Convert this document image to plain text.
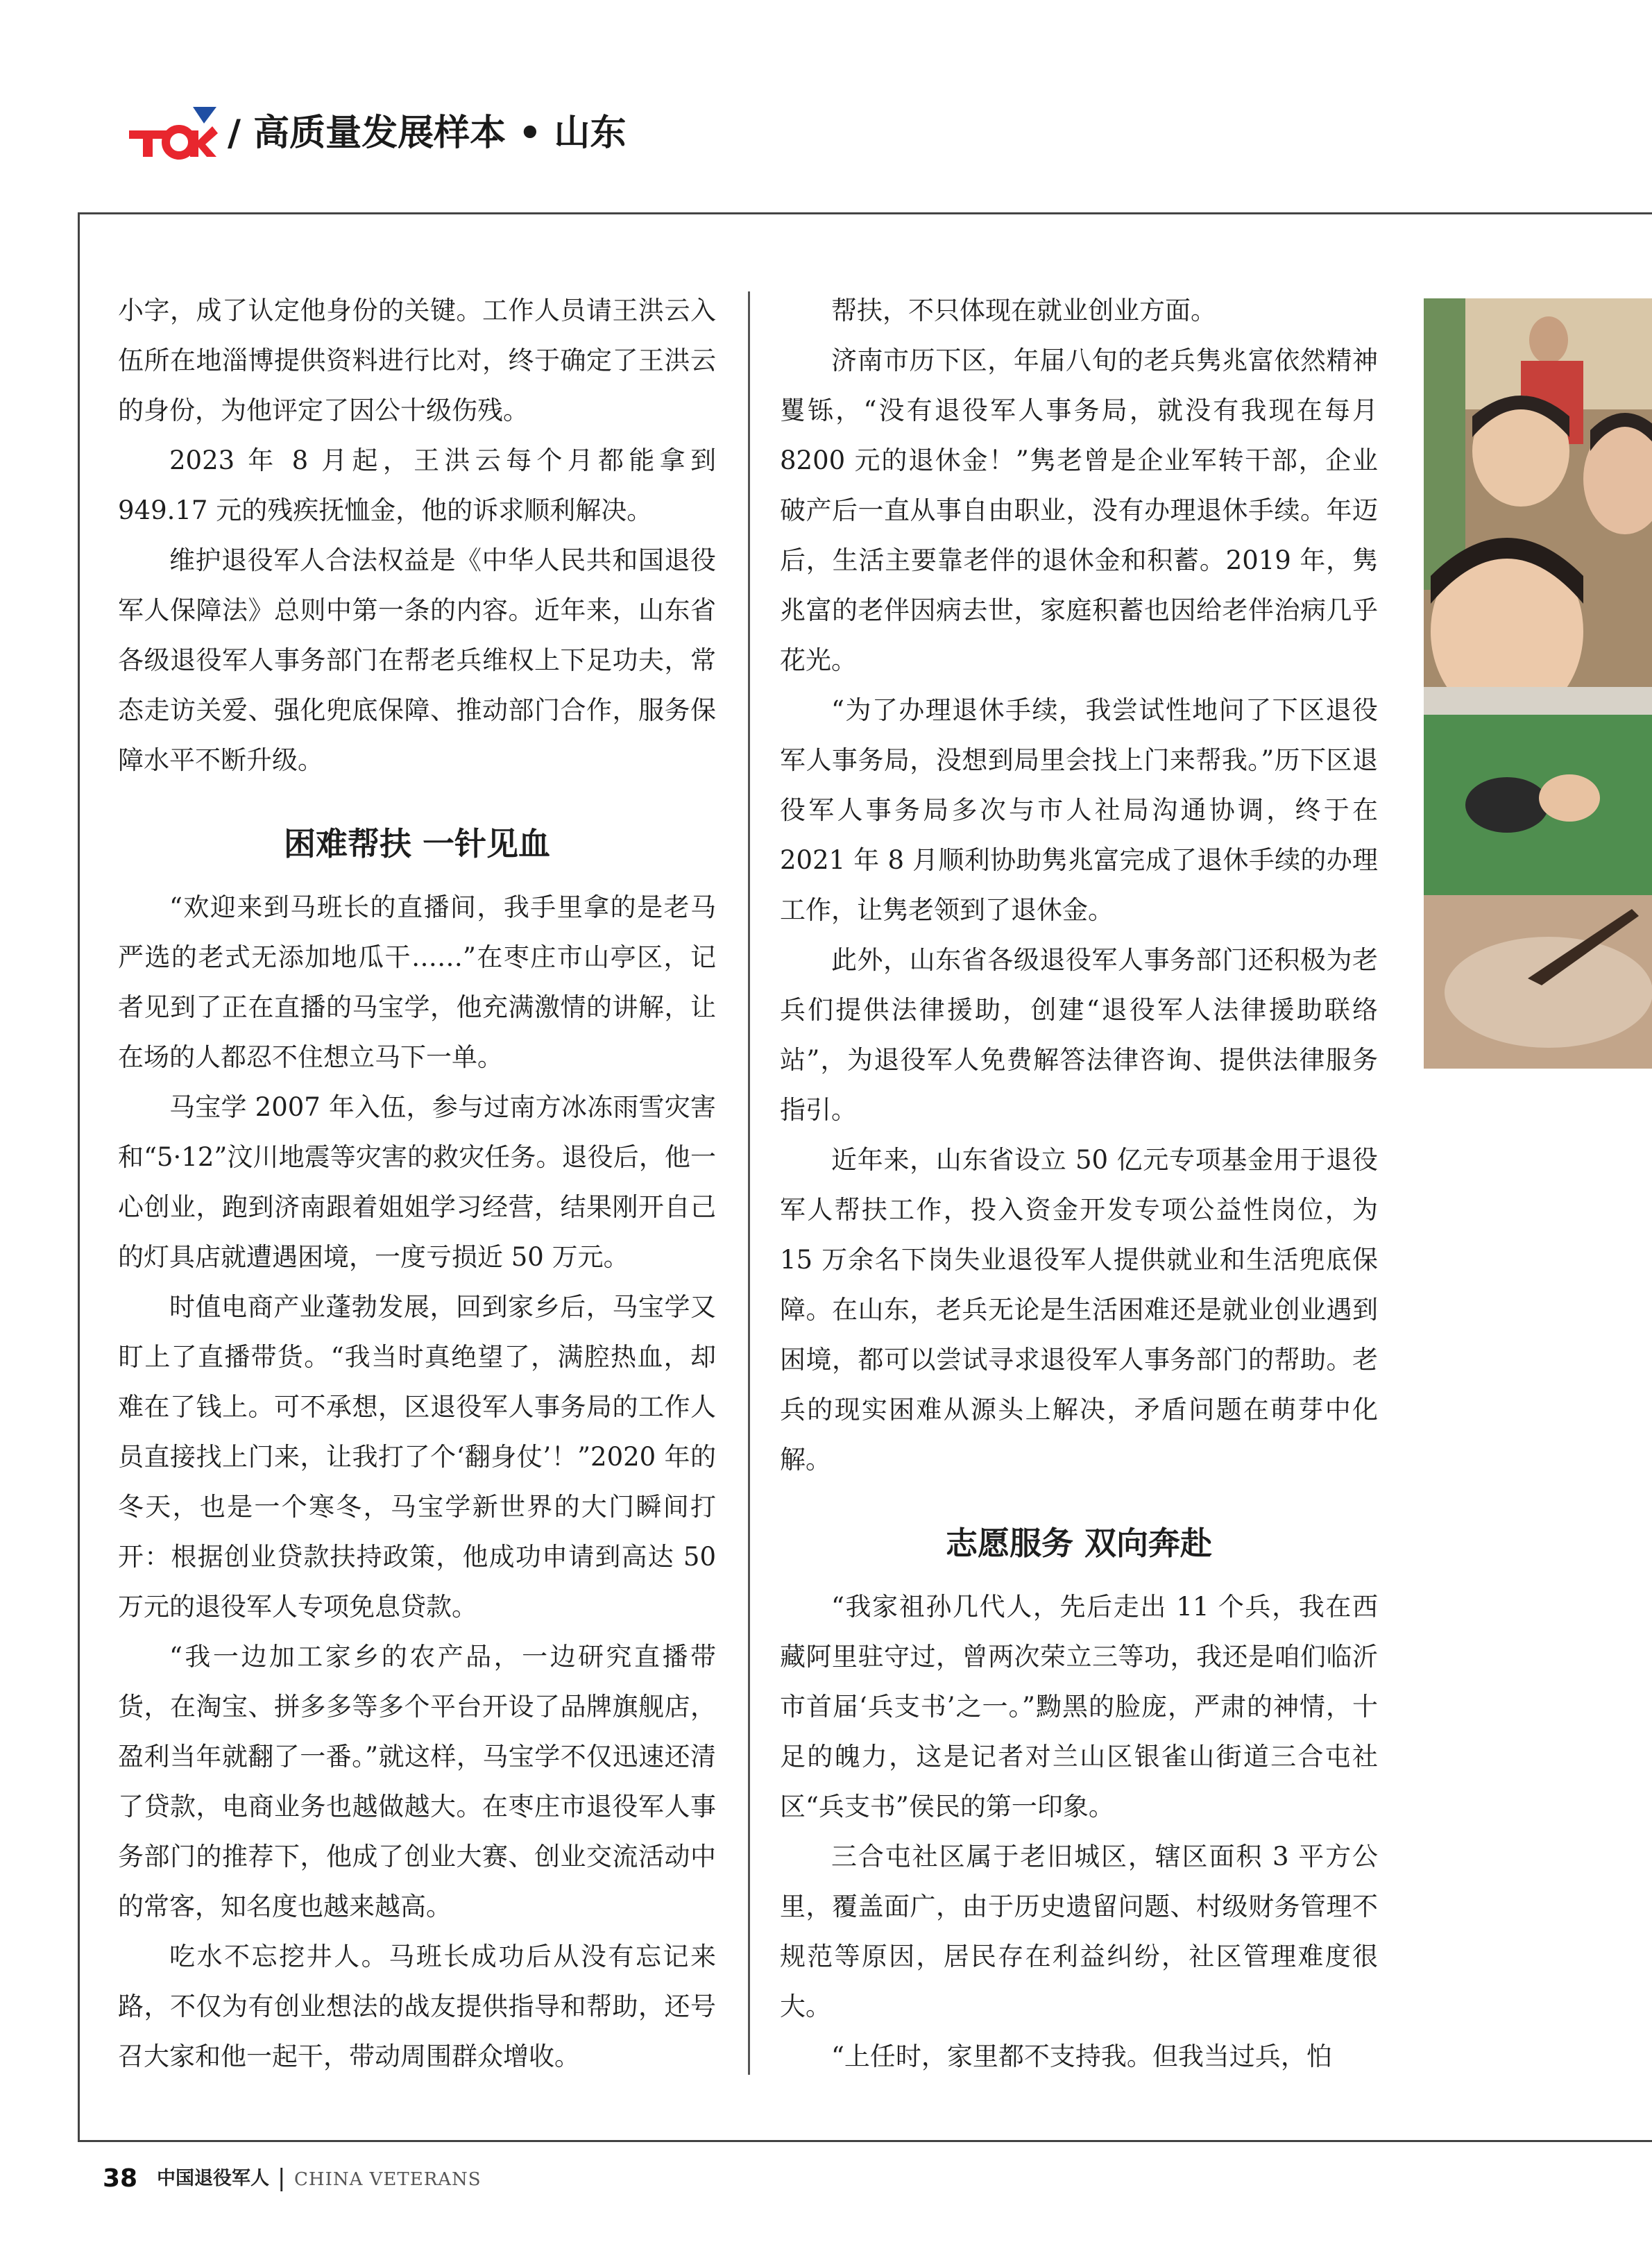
/ 高质量发展样本 • 山东

小字，成了认定他身份的关键。工作人员请王洪云入伍所在地淄博提供资料进行比对，终于确定了王洪云的身份，为他评定了因公十级伤残。

2023 年 8 月起，王洪云每个月都能拿到 949.17 元的残疾抚恤金，他的诉求顺利解决。

维护退役军人合法权益是《中华人民共和国退役军人保障法》总则中第一条的内容。近年来，山东省各级退役军人事务部门在帮老兵维权上下足功夫，常态走访关爱、强化兜底保障、推动部门合作，服务保障水平不断升级。

困难帮扶 一针见血

“欢迎来到马班长的直播间，我手里拿的是老马严选的老式无添加地瓜干……”在枣庄市山亭区，记者见到了正在直播的马宝学，他充满激情的讲解，让在场的人都忍不住想立马下一单。

马宝学 2007 年入伍，参与过南方冰冻雨雪灾害和“5·12”汶川地震等灾害的救灾任务。退役后，他一心创业，跑到济南跟着姐姐学习经营，结果刚开自己的灯具店就遭遇困境，一度亏损近 50 万元。

时值电商产业蓬勃发展，回到家乡后，马宝学又盯上了直播带货。“我当时真绝望了，满腔热血，却难在了钱上。可不承想，区退役军人事务局的工作人员直接找上门来，让我打了个‘翻身仗’！”2020 年的冬天，也是一个寒冬，马宝学新世界的大门瞬间打开：根据创业贷款扶持政策，他成功申请到高达 50 万元的退役军人专项免息贷款。

“我一边加工家乡的农产品，一边研究直播带货，在淘宝、拼多多等多个平台开设了品牌旗舰店，盈利当年就翻了一番。”就这样，马宝学不仅迅速还清了贷款，电商业务也越做越大。在枣庄市退役军人事务部门的推荐下，他成了创业大赛、创业交流活动中的常客，知名度也越来越高。

吃水不忘挖井人。马班长成功后从没有忘记来路，不仅为有创业想法的战友提供指导和帮助，还号召大家和他一起干，带动周围群众增收。

帮扶，不只体现在就业创业方面。

济南市历下区，年届八旬的老兵隽兆富依然精神矍铄，“没有退役军人事务局，就没有我现在每月 8200 元的退休金！”隽老曾是企业军转干部，企业破产后一直从事自由职业，没有办理退休手续。年迈后，生活主要靠老伴的退休金和积蓄。2019 年，隽兆富的老伴因病去世，家庭积蓄也因给老伴治病几乎花光。

“为了办理退休手续，我尝试性地问了下区退役军人事务局，没想到局里会找上门来帮我。”历下区退役军人事务局多次与市人社局沟通协调，终于在 2021 年 8 月顺利协助隽兆富完成了退休手续的办理工作，让隽老领到了退休金。

此外，山东省各级退役军人事务部门还积极为老兵们提供法律援助，创建“退役军人法律援助联络站”，为退役军人免费解答法律咨询、提供法律服务指引。

近年来，山东省设立 50 亿元专项基金用于退役军人帮扶工作，投入资金开发专项公益性岗位，为 15 万余名下岗失业退役军人提供就业和生活兜底保障。在山东，老兵无论是生活困难还是就业创业遇到困境，都可以尝试寻求退役军人事务部门的帮助。老兵的现实困难从源头上解决，矛盾问题在萌芽中化解。

志愿服务 双向奔赴

“我家祖孙几代人，先后走出 11 个兵，我在西藏阿里驻守过，曾两次荣立三等功，我还是咱们临沂市首届‘兵支书’之一。”黝黑的脸庞，严肃的神情，十足的魄力，这是记者对兰山区银雀山街道三合屯社区“兵支书”侯民的第一印象。

三合屯社区属于老旧城区，辖区面积 3 平方公里，覆盖面广，由于历史遗留问题、村级财务管理不规范等原因，居民存在利益纠纷，社区管理难度很大。

“上任时，家里都不支持我。但我当过兵，怕

38 中国退役军人 | CHINA VETERANS
